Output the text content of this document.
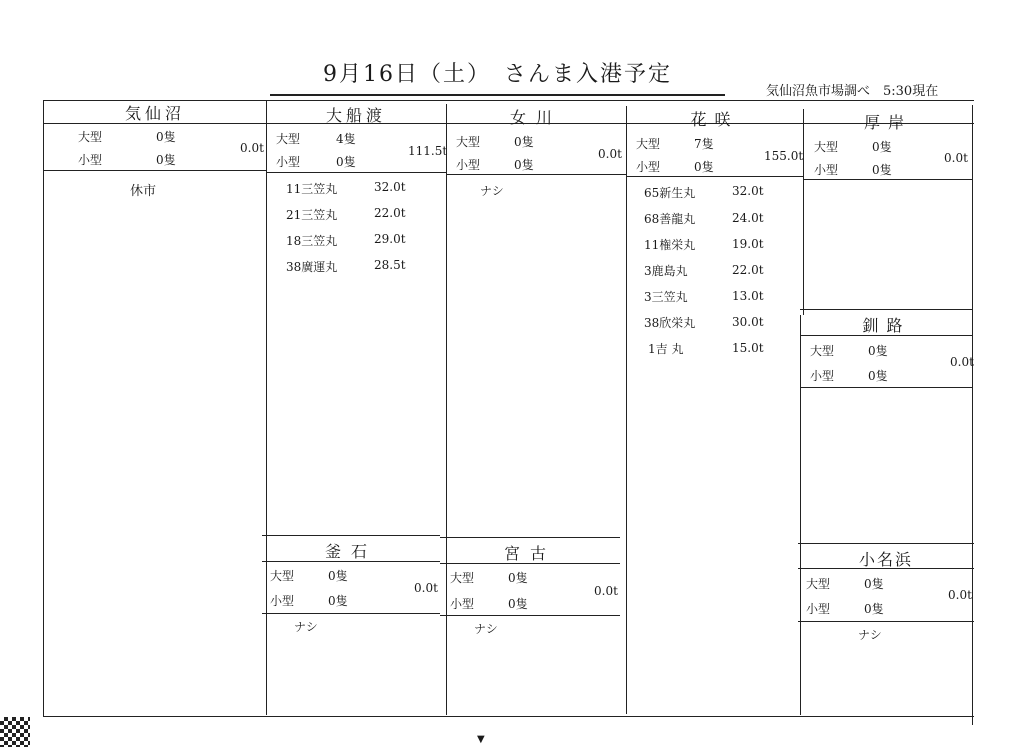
9月16日（土）　さんま入港予定
気仙沼魚市場調べ　5:30現在
気仙沼
大型	0隻
小型	0隻
0.0t
休市
大船渡
大型	4隻
小型	0隻
111.5t
11三笠丸	32.0t
21三笠丸	22.0t
18三笠丸	29.0t
38廣運丸	28.5t
女川
大型	0隻
小型	0隻
0.0t
ナシ
花咲
大型	7隻
小型	0隻
155.0t
65新生丸	32.0t
68善龍丸	24.0t
11権栄丸	19.0t
3鹿島丸	22.0t
3三笠丸	13.0t
38欣栄丸	30.0t
1吉 丸	15.0t
厚岸
大型	0隻
小型	0隻
0.0t
釧路
大型	0隻
小型	0隻
0.0t
小名浜
大型	0隻
小型	0隻
0.0t
ナシ
釜石
大型	0隻
小型	0隻
0.0t
ナシ
宮古
大型	0隻
小型	0隻
0.0t
ナシ
▼
